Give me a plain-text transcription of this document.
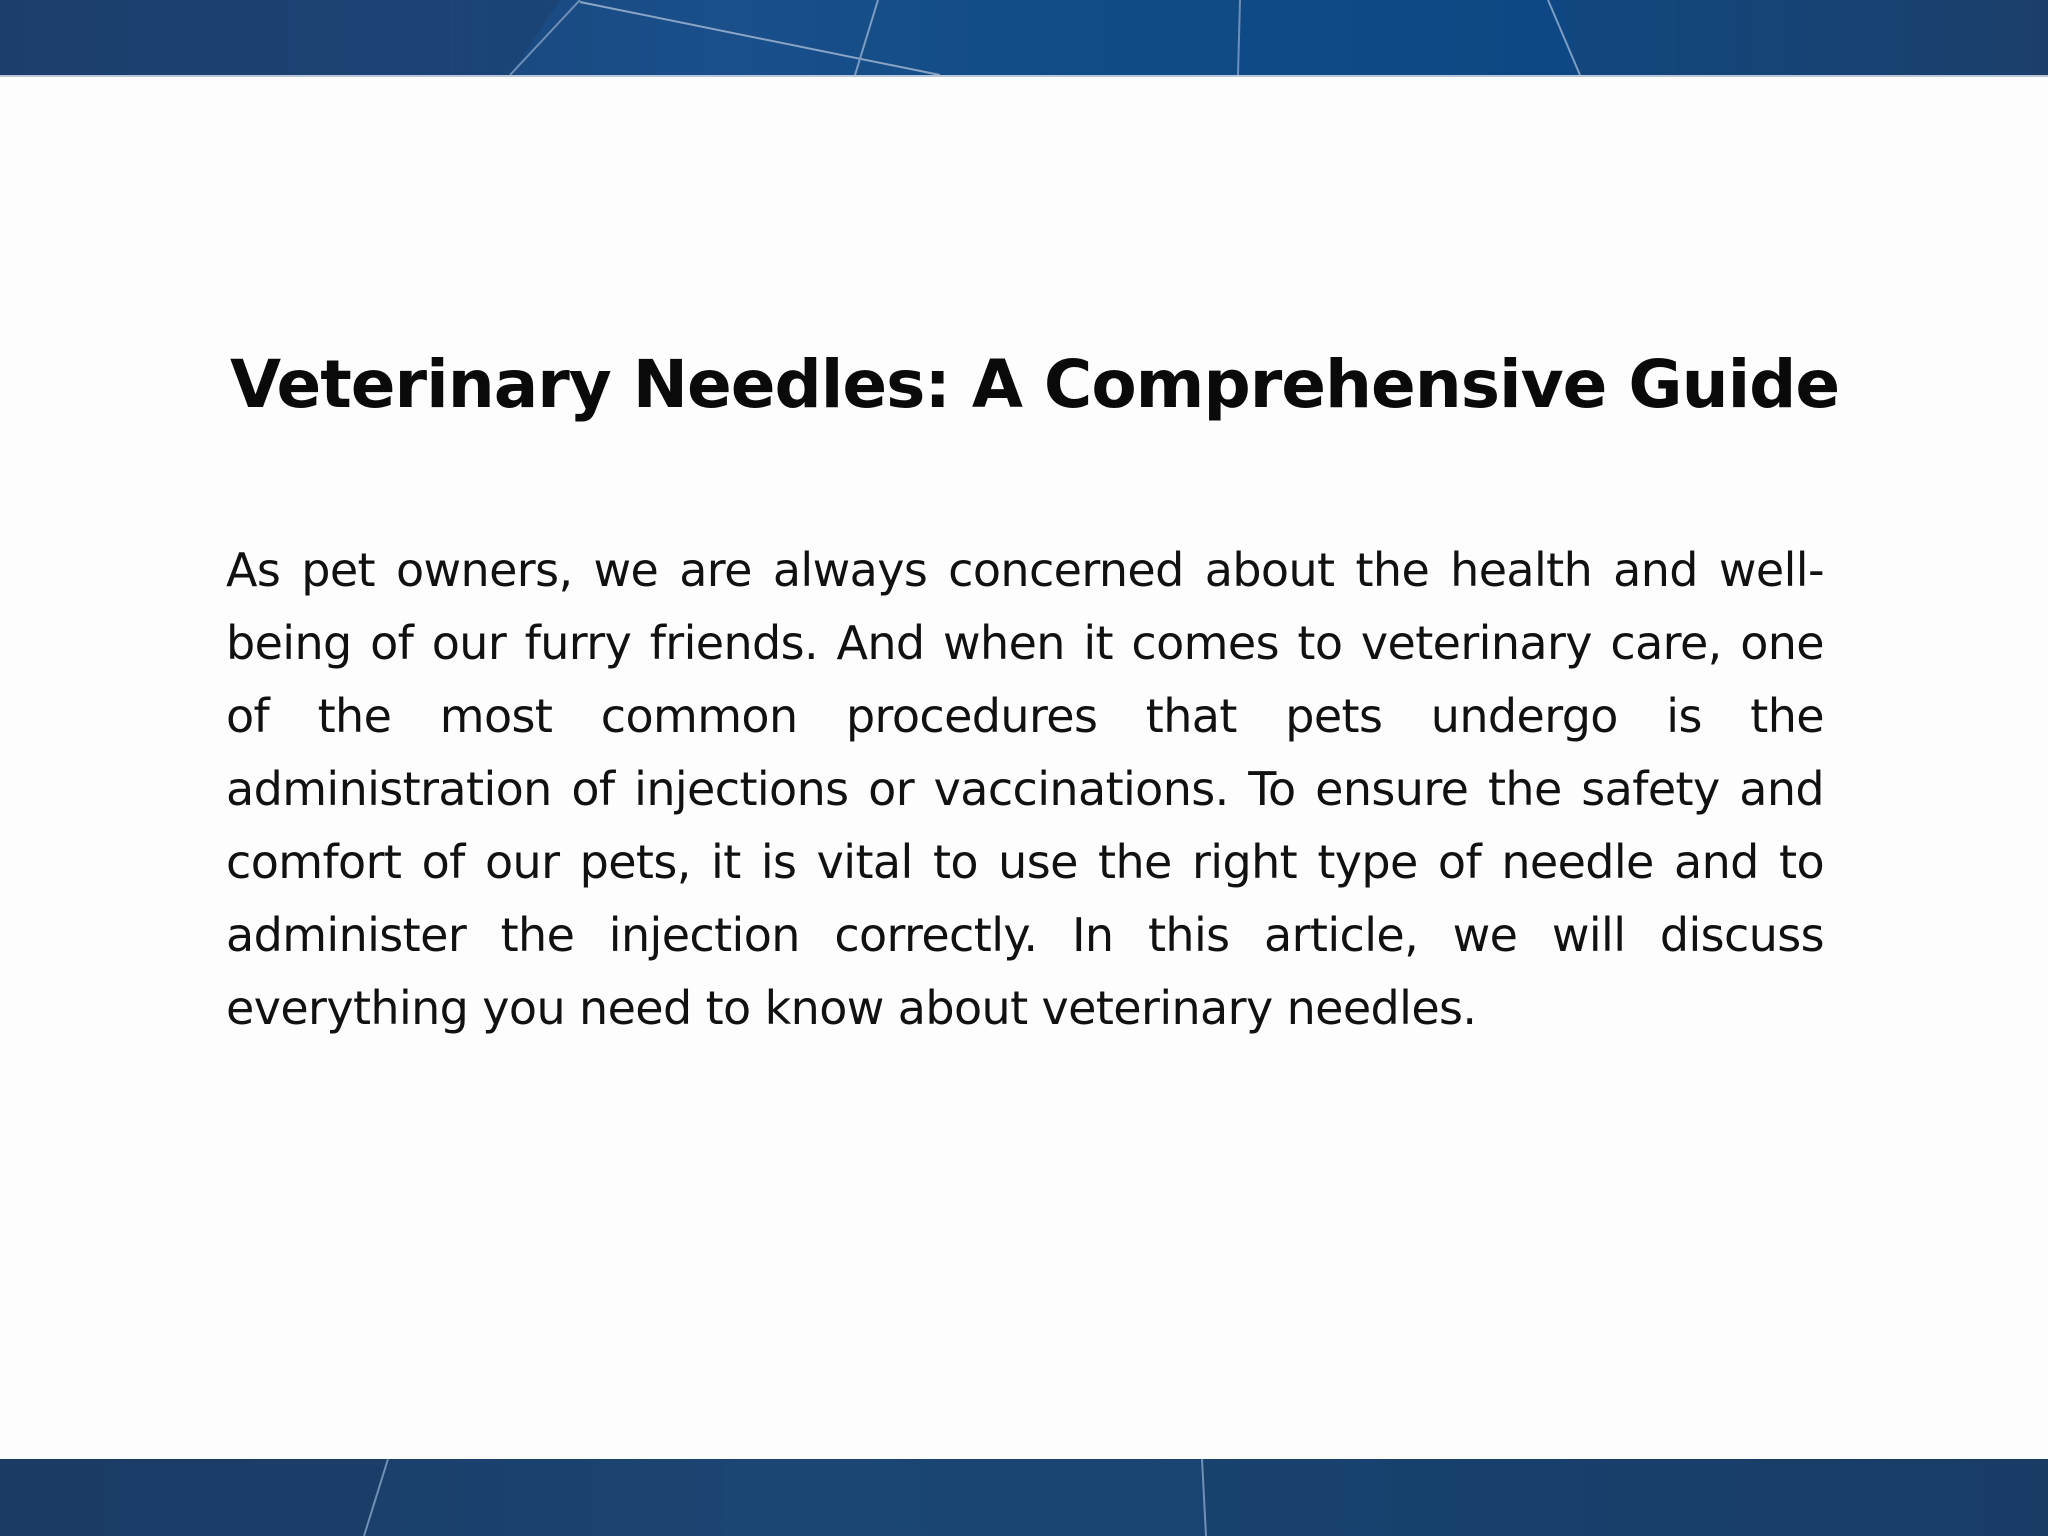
Veterinary Needles: A Comprehensive Guide

As pet owners, we are always concerned about the health and well-being of our furry friends. And when it comes to veterinary care, one of the most common procedures that pets undergo is the administration of injections or vaccinations. To ensure the safety and comfort of our pets, it is vital to use the right type of needle and to administer the injection correctly. In this article, we will discuss everything you need to know about veterinary needles.
